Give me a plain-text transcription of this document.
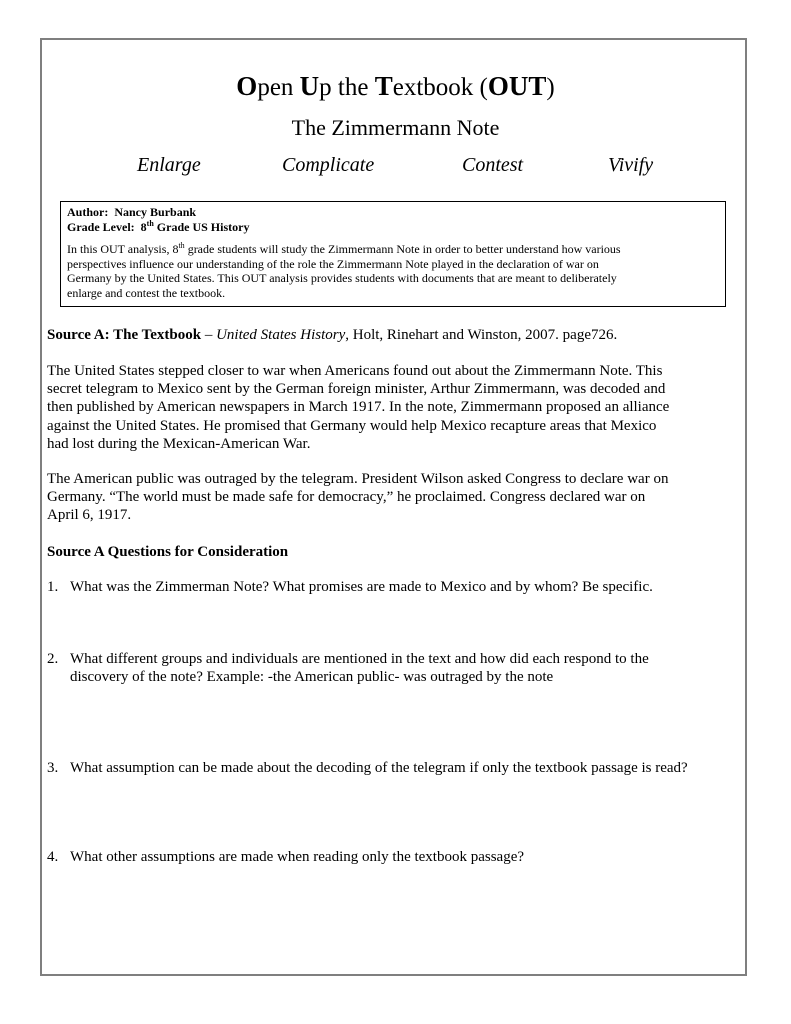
Open Up the Textbook (OUT)
The Zimmermann Note
Enlarge	Complicate	Contest	Vivify

Author: Nancy Burbank

Grade Level: 8th Grade US History

In this OUT analysis, 8th grade students will study the Zimmermann Note in order to better understand how various

perspectives influence our understanding of the role the Zimmermann Note played in the declaration of war on

Germany by the United States. This OUT analysis provides students with documents that are meant to deliberately

enlarge and contest the textbook.

Source A: The Textbook – United States History, Holt, Rinehart and Winston, 2007. page726.

The United States stepped closer to war when Americans found out about the Zimmermann Note. This

secret telegram to Mexico sent by the German foreign minister, Arthur Zimmermann, was decoded and

then published by American newspapers in March 1917. In the note, Zimmermann proposed an alliance

against the United States. He promised that Germany would help Mexico recapture areas that Mexico

had lost during the Mexican-American War.

The American public was outraged by the telegram. President Wilson asked Congress to declare war on

Germany. “The world must be made safe for democracy,” he proclaimed. Congress declared war on

April 6, 1917.

Source A Questions for Consideration
1. What was the Zimmerman Note? What promises are made to Mexico and by whom? Be specific.
2. What different groups and individuals are mentioned in the text and how did each respond to the
discovery of the note? Example: -the American public- was outraged by the note
3. What assumption can be made about the decoding of the telegram if only the textbook passage is read?
4. What other assumptions are made when reading only the textbook passage?
